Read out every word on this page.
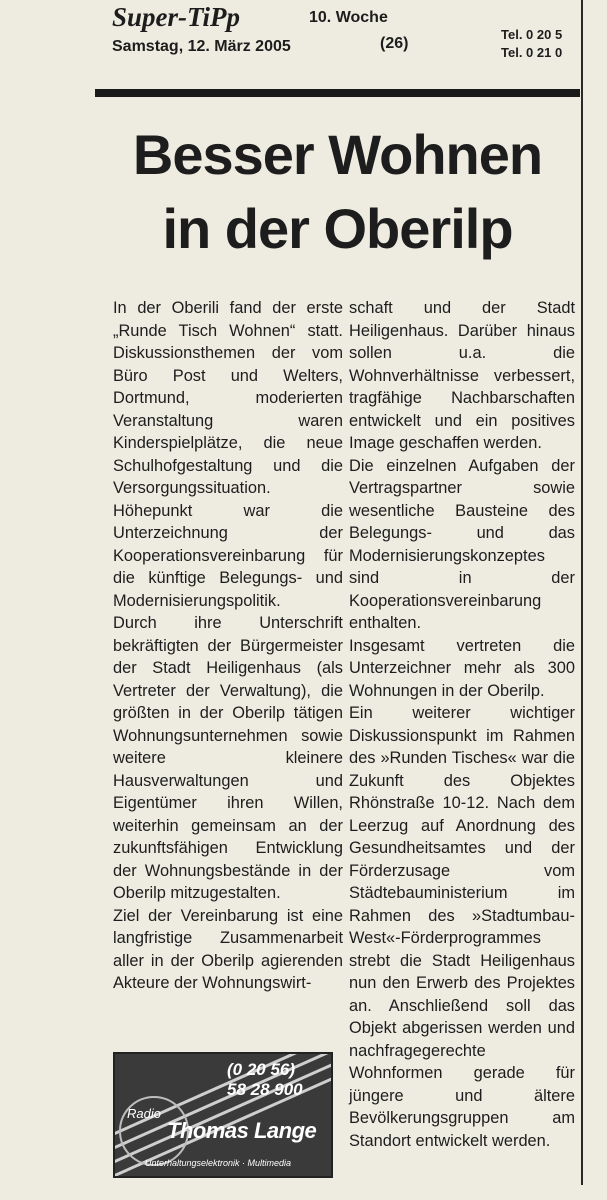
Super-TiPp
Samstag, 12. März 2005
10. Woche
(26)
Tel. 0 20 5
Tel. 0 21 0
Besser Wohnen
in der Oberilp

In der Oberili fand der erste „Runde Tisch Wohnen“ statt. Diskussionsthemen der vom Büro Post und Welters, Dortmund, moderierten Veranstaltung waren Kinderspielplätze, die neue Schulhofgestaltung und die Versorgungssituation.

Höhepunkt war die Unterzeichnung der Kooperationsvereinbarung für die künftige Belegungs- und Modernisierungspolitik.

Durch ihre Unterschrift bekräftigten der Bürgermeister der Stadt Heiligenhaus (als Vertreter der Verwaltung), die größten in der Oberilp tätigen Wohnungsunternehmen sowie weitere kleinere Hausverwaltungen und Eigentümer ihren Willen, weiterhin gemeinsam an der zukunftsfähigen Entwicklung der Wohnungsbestände in der Oberilp mitzugestalten.

Ziel der Vereinbarung ist eine langfristige Zusammenarbeit aller in der Oberilp agierenden Akteure der Wohnungswirt-

schaft und der Stadt Heiligenhaus. Darüber hinaus sollen u.a. die Wohnverhältnisse verbessert, tragfähige Nachbarschaften entwickelt und ein positives Image geschaffen werden.

Die einzelnen Aufgaben der Vertragspartner sowie wesentliche Bausteine des Belegungs- und das Modernisierungskonzeptes sind in der Kooperationsvereinbarung enthalten.

Insgesamt vertreten die Unterzeichner mehr als 300 Wohnungen in der Oberilp.

Ein weiterer wichtiger Diskussionspunkt im Rahmen des »Runden Tisches« war die Zukunft des Objektes Rhönstraße 10-12. Nach dem Leerzug auf Anordnung des Gesundheitsamtes und der Förderzusage vom Städtebauministerium im Rahmen des »Stadtumbau-West«-Förderprogrammes strebt die Stadt Heiligenhaus nun den Erwerb des Projektes an. Anschließend soll das Objekt abgerissen werden und nachfragegerechte Wohnformen gerade für jüngere und ältere Bevölkerungsgruppen am Standort entwickelt werden.

(0 20 56)
58 28 900
Radio
Thomas Lange
Unterhaltungselektronik · Multimedia
